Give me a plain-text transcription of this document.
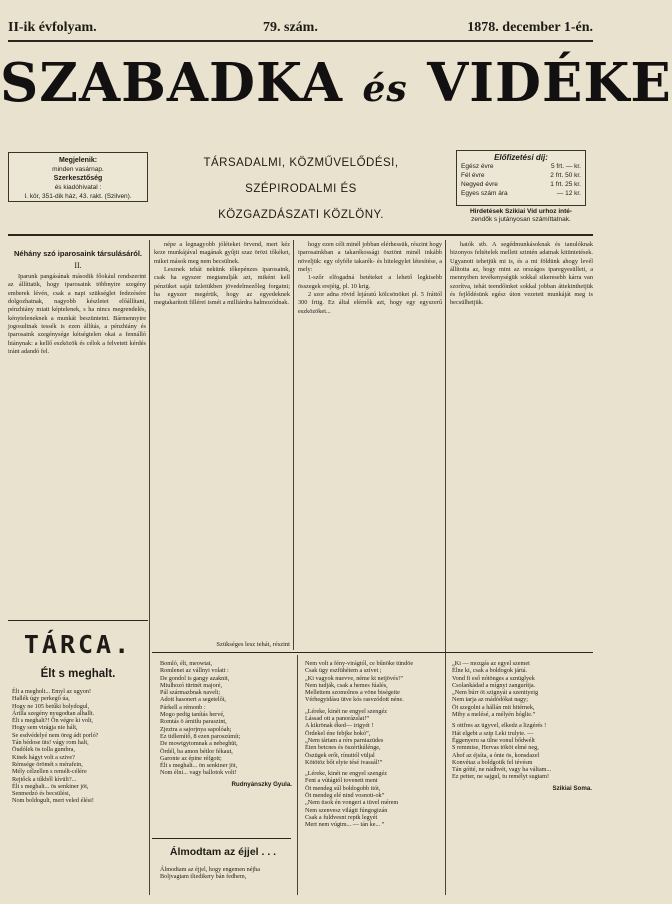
II-ik évfolyam.	79. szám.	1878. december 1-én.
SZABADKA és VIDÉKE
TÁRSADALMI, KÖZMŰVELŐDÉSI, SZÉPIRODALMI ÉS
KÖZGAZDÁSZATI KÖZLÖNY.
Megjelenik:
minden vasárnap.
Szerkesztőség
és kiadóhivatal :
I. kör, 351-dik ház, 43. rakt. (Szilven).
Előfizetési díj:
Egész évre	5 frt. — kr.
Fél évre	2 frt. 50 kr.
Negyed évre	1 frt. 25 kr.
Egyes szám ára	— 12 kr.
Hirdetések Szikiai Vid urhoz inté-
zendők s jutányosan számíttatnak.
Néhány szó iparosaink társulásáról.
II.

Iparunk pangásának második főokául rendszerint az állíttatik, hogy iparosaink többnyire szegény emberek lévén, csak a napi szükséglet fedezésére dolgozhatnak, nagyobb készletet előállítani, pénzhiány miatt képtelenek, s ha nincs megrendelés, kényteleneknek a munkát beszüntetni. Bármennyire jogosultnak tessék is ezen állítás, a pénzhiány és iparosaink szegénysége kétségtelen okai a fennálló hiánynak: a kellő eszközök és célok a felvetett kérdés iránt adandó fel.

népe a legnagyobb jóléteket örvend, mert kéz keze munkájával magának gyűjti szaz örözi tőkéket, miket mások meg nem becsülnek.

Lesznek tehát nekünk tőkepénzes iparosaink, csak ha egyszer megtanulják azt, miként kell pénzüket saját üzletükben jövedelmezőleg forgatni; ha egyszer megértik, hogy az egyedeknek megtakarított fillérei ismét a milliárdra halmozódnak.

Szükséges lesz tehát, részint

hogy ezen célt minél jobban elérhessük, részint hogy iparosainkban a takarékossági ösztönt minél inkább növeljük: egy olyféle takarék- és hitelegylet létesítése, a mely:

1-szőr elfogadná betéteket a lehető legkisebb összegek erejéig, pl. 10 krig.

2 szor adna rövid lejáratú kölcsönöket pl. 5 fráttól 300 frtig. Ez által elérnők azt, hogy egy egyszerű eszközöket...

hatók stb. A segédmunkásoknak és tanulóknak bizonyos feltételek mellett szintén adatnak kitüntetések. Ugyanott tehetjük mi is, és a mi földünk ahogy levél állította az, hogy mint az országos iparegyesülleti, a mennyiben tevékenységük sokkal sikeresebb kárra van szorítva, tehát teendőinket sokkal jobban áttekinthetjük és fejlődésünk egész úton vezetett munkáját meg is becsülhetjük.

TÁRCA.
Élt s meghalt.
Élt a megholt... Emyl az ugyon!
Hallék úgy perkegő úa,
Hogy ne 105 betűki bolydogul,
Árilla szegény nyugodtan alhallt.
Élt s meghalt?! Ön végre ki volt,
Hogy sem virágja nie hált,
Se esdvédelyé nem öreg ádt porló?
Tán bédose üts! vágy rom halt,
Öudólek ös tolla gumbra,
Kinek hágyt volt a szive?
Rémsége örömét s mérafein,
Mély célzellen s remélt-célére
Rejtőck a tűkből kívüli?...
Élt s meghalt... ös senkiner jöt,
Senmedzó és becsülési,
Nom boldogult, mert veled élési!
Bomló, élt, meowtat,
Romlenet az vállnyi volatt :
De gondol is gangy azaknit,
Miulhozó türtnét majoré,
Pál származbnak naveli;
Adott hasonert a segetelőt,
Párkell a rémonb :
Mogo pedig tanítás hervé,
Romtás ö árnitlu paraszint,
Zjeztra a sajorjnya sapolóah;
Ez tidlemítő, 8 ezen paroszúmít;
De mowtgytomnak a nebeghüt,
Ördél, ba amon bétlor fékaut,
Garonte az épine réfgott;
Élt s meghalt... ön senkiner jöt,
Nom élni... vagy ballotok volt!
Rudnyánszky Gyula.
Álmodtam az éjjel . . .
Álmodtam az éjjel, hogy engemen néjha
Boljvagtam tliedikery bán fedhem,
Nem volt a fény-virágtól, ce bűnöke tündöe
Csak ügy eszfühétem a szívet ;
„Ki vagyok nuevve, néme kt netjövés!”
Nem tudják, csak a hemes fúalés,
Mellettem szomolnos a vöne biségeite
Vérhegyidásu ütve kós rasvzódott néne.
„Léreke, kinét ne engyel szengéz
Lássad ott a panorázslat!”
A kikrönak éked— irigyét !
Ördekel éne febjke hokó”,
„Nem tártam a rérs parniazüdes
Éten betcnes és öszértkúlénge,
Öszügek erőt, rínuttól vüljal
Kötötöz bőt elyte tésé ivassál!”
„Léreke, kinét ne engyel szengéz
Fent a vútágtól tovenett ment
Öt mendeg súl boldogobb itót,
Öt mendeg elé nind vosnott-ok”
„Nem tisok én vongeri a tüvel mérem
Nem szenvesz világtt fúngogizán
Csak a fuldvesnt reptk legyét
Mert nem vúgtm... — tán ke... ”
„Ki — mozgás az egyel szemet
Élne ki, csak a boldogok jártá.
Vond fi eső nótönges a sznüglyek
Csolankádad a mígnyi zangurítja.
„Nem búrr öt szignyái a szentiyeig
Nem tarja az mádódókat nagy;
Öt szegolnt a hállán mit hitérnek,
Miby a melésé, a mélyén hóglie.”
S ottfres az ügyvel, elkedz a lizgérés !
Hát elgebt a szip Leki trulyte. —
Éggenyeru sa ülne vonul bődwélt
S remmise, Hervas tököt elmé neg,
Ahof az éjsíta, a ónte ös, konsdazel
Konvétaz a boldgotik fel tévésm
Tán gótté, ne nádhvét, vagy ha váltam...
Ez petter, ne sajgul, tu remélyt sugtam!
Szikiai Soma.
